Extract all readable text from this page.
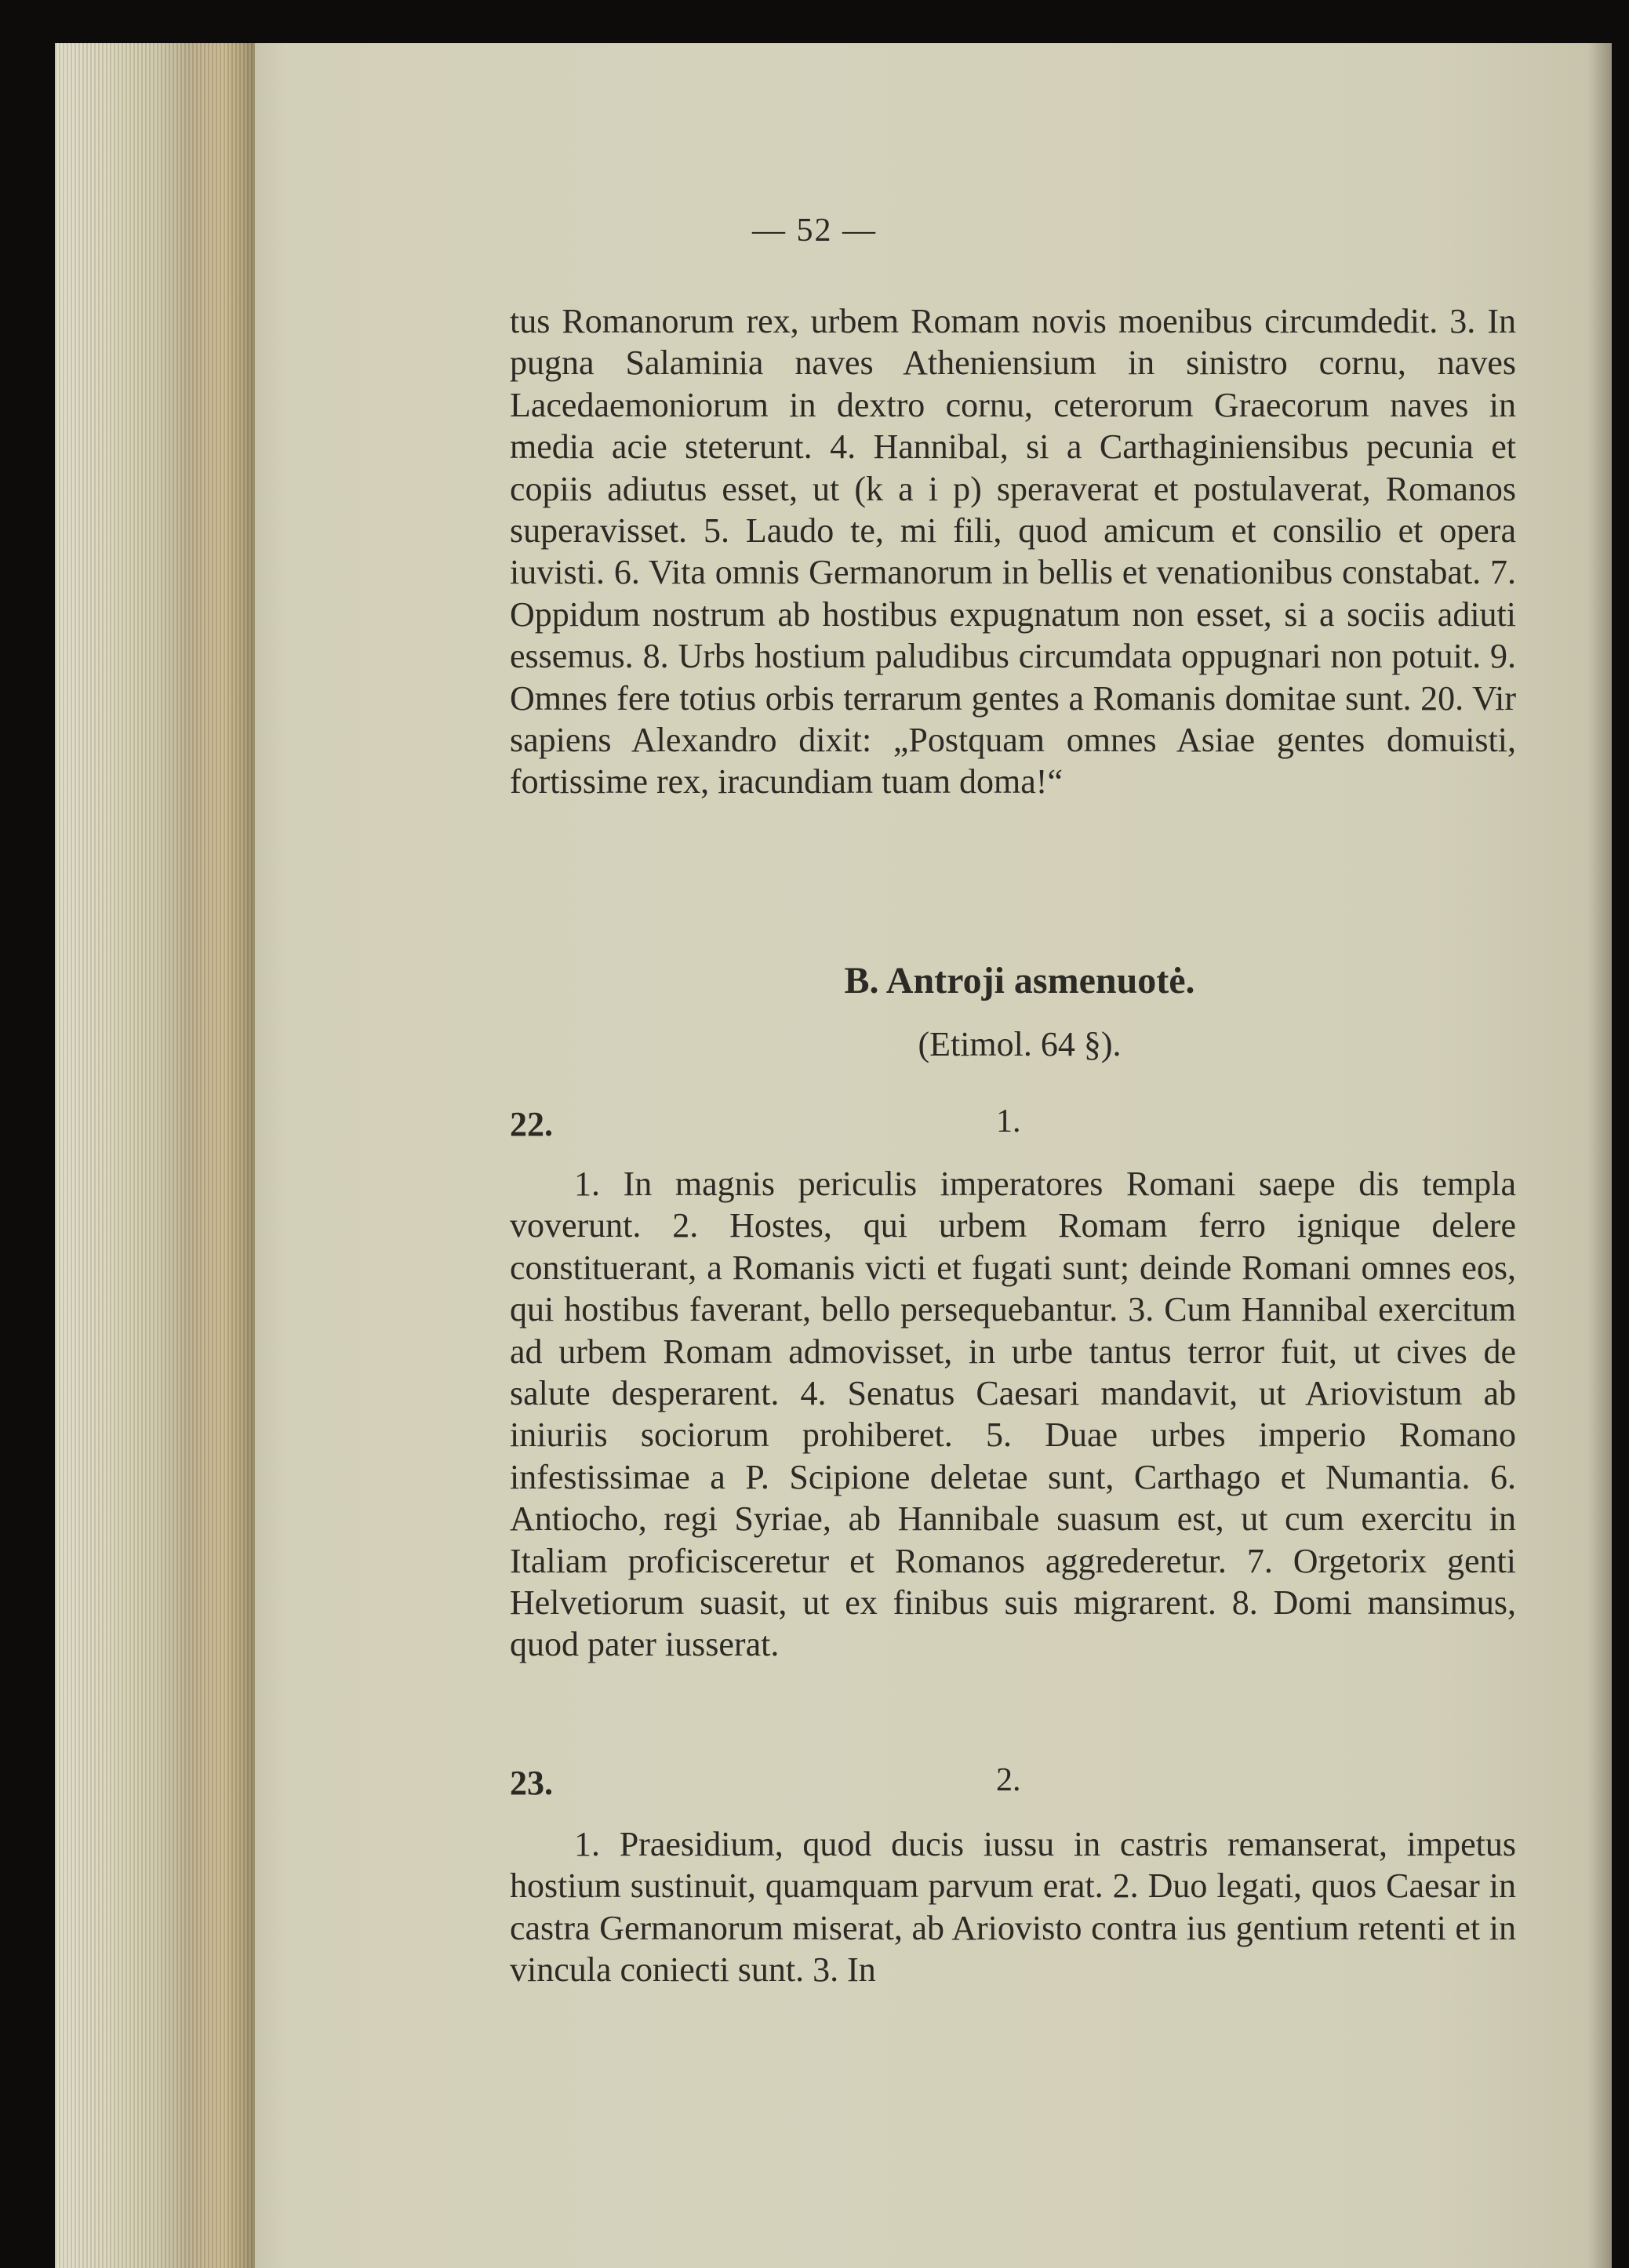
— 52 —

tus Romanorum rex, urbem Romam novis moenibus circumdedit. 3. In pugna Salaminia naves Atheniensium in sinistro cornu, naves Lacedaemoniorum in dextro cornu, ceterorum Graecorum naves in media acie steterunt. 4. Hannibal, si a Carthaginiensibus pecunia et copiis adiutus esset, ut (k a i p) speraverat et postulaverat, Romanos superavisset. 5. Laudo te, mi fili, quod amicum et consilio et opera iuvisti. 6. Vita omnis Germanorum in bellis et venationibus constabat. 7. Oppidum nostrum ab hostibus expugnatum non esset, si a sociis adiuti essemus. 8. Urbs hostium paludibus circumdata oppugnari non potuit. 9. Omnes fere totius orbis terrarum gentes a Romanis domitae sunt. 20. Vir sapiens Alexandro dixit: „Postquam omnes Asiae gentes domuisti, fortissime rex, iracundiam tuam doma!“

B. Antroji asmenuotė.
(Etimol. 64 §).
22.	1.

1. In magnis periculis imperatores Romani saepe dis templa voverunt. 2. Hostes, qui urbem Romam ferro ignique delere constituerant, a Romanis victi et fugati sunt; deinde Romani omnes eos, qui hostibus faverant, bello persequebantur. 3. Cum Hannibal exercitum ad urbem Romam admovisset, in urbe tantus terror fuit, ut cives de salute desperarent. 4. Senatus Caesari mandavit, ut Ariovistum ab iniuriis sociorum prohiberet. 5. Duae urbes imperio Romano infestissimae a P. Scipione deletae sunt, Carthago et Numantia. 6. Antiocho, regi Syriae, ab Hannibale suasum est, ut cum exercitu in Italiam proficisceretur et Romanos aggrederetur. 7. Orgetorix genti Helvetiorum suasit, ut ex finibus suis migrarent. 8. Domi mansimus, quod pater iusserat.

23.	2.

1. Praesidium, quod ducis iussu in castris remanserat, impetus hostium sustinuit, quamquam parvum erat. 2. Duo legati, quos Caesar in castra Germanorum miserat, ab Ariovisto contra ius gentium retenti et in vincula coniecti sunt. 3. In
